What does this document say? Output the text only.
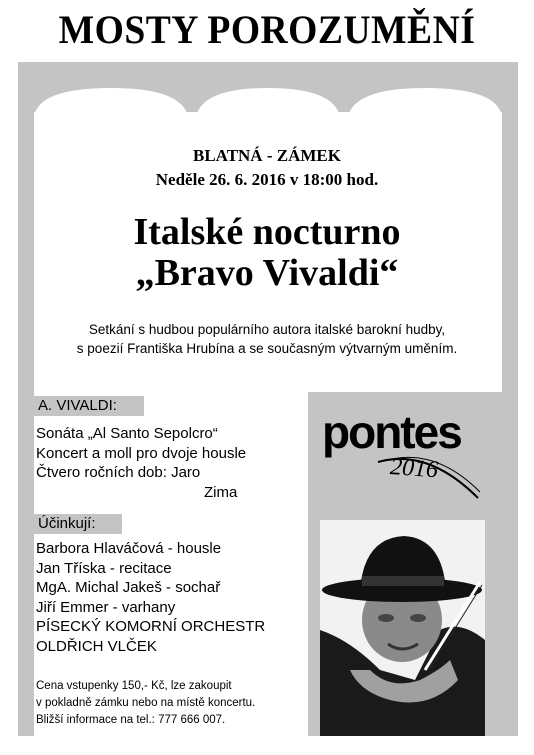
MOSTY POROZUMĚNÍ
BLATNÁ - ZÁMEK
Neděle 26. 6. 2016 v 18:00 hod.
Italské nocturno
„Bravo Vivaldi“
Setkání s hudbou populárního autora italské barokní hudby,
s poezií Františka Hrubína a se současným výtvarným uměním.
A. VIVALDI:
Sonáta „Al Santo Sepolcro“
Koncert a moll pro dvoje housle
Čtvero ročních dob: Jaro
Zima
Účinkují:
Barbora Hlaváčová - housle
Jan Tříska - recitace
MgA. Michal Jakeš - sochař
Jiří Emmer - varhany
PÍSECKÝ KOMORNÍ ORCHESTR
OLDŘICH VLČEK
Cena vstupenky 150,- Kč, lze zakoupit
v pokladně zámku nebo na místě koncertu.
Bližší informace na tel.: 777 666 007.
pontes
2016
